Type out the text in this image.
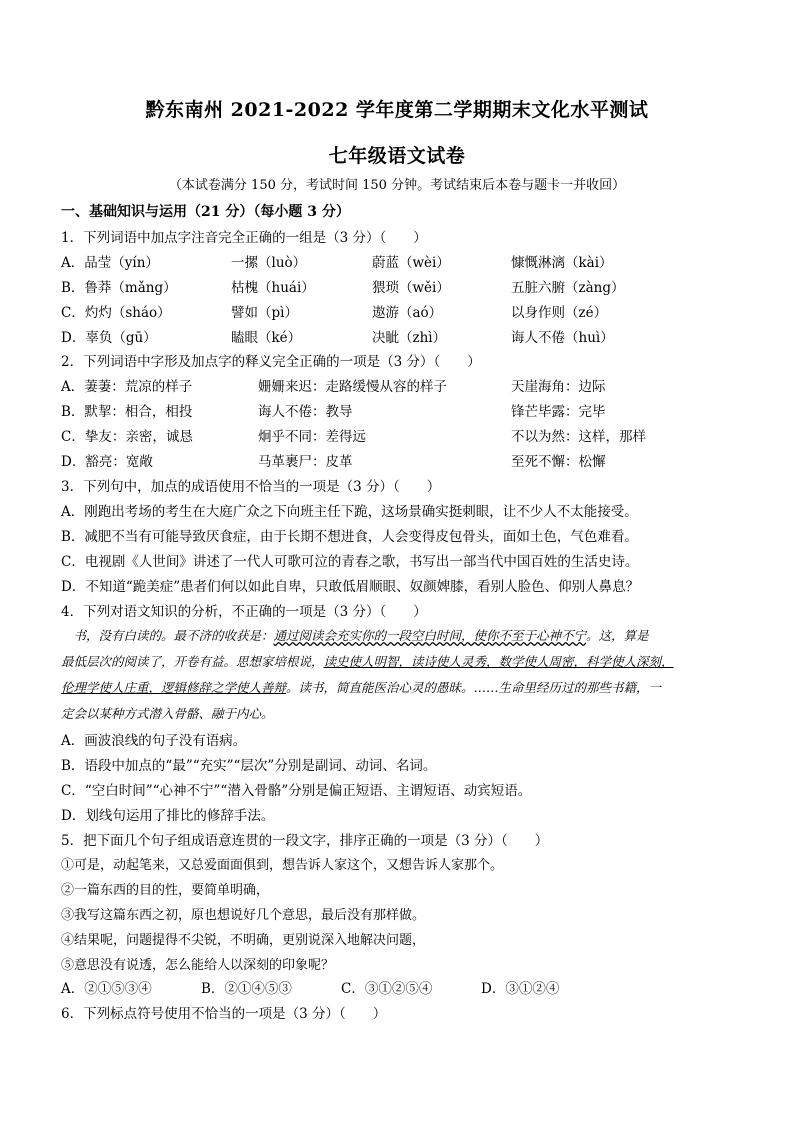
黔东南州 2021-2022 学年度第二学期期末文化水平测试
七年级语文试卷
（本试卷满分 150 分，考试时间 150 分钟。考试结束后本卷与题卡一并收回）
一、基础知识与运用（21 分）（每小题 3 分）
1．下列词语中加点字注音完全正确的一组是（3 分）（　　）
A．品莹（yín）	一摞（luò）	蔚蓝（wèi）	慷慨淋漓（kài）
B．鲁莽（mǎng）	枯槐（huái）	猥琐（wěi）	五脏六腑（zàng）
C．灼灼（sháo）	譬如（pì）	遨游（aó）	以身作则（zé）
D．辜负（gū）	瞌眼（ké）	决眦（zhì）	诲人不倦（huì）
2．下列词语中字形及加点字的释义完全正确的一项是（3 分）（　　）
A．萋萋：荒凉的样子	姗姗来迟：走路缓慢从容的样子	天崖海角：边际
B．默挈：相合，相投	诲人不倦：教导	锋芒毕露：完毕
C．挚友：亲密，诚恳	炯乎不同：差得远	不以为然：这样，那样
D．豁亮：宽敞	马革裹尸：皮革	至死不懈：松懈
3．下列句中，加点的成语使用不恰当的一项是（3 分）（　　）
A．刚跑出考场的考生在大庭广众之下向班主任下跪，这场景确实挺刺眼，让不少人不太能接受。
B．减肥不当有可能导致厌食症，由于长期不想进食，人会变得皮包骨头，面如土色，气色难看。
C．电视剧《人世间》讲述了一代人可歌可泣的青春之歌，书写出一部当代中国百姓的生活史诗。
D．不知道“跪美症”患者们何以如此自卑，只敢低眉顺眼、奴颜婢膝，看别人脸色、仰别人鼻息？
4．下列对语文知识的分析，不正确的一项是（3 分）（　　）
　书，没有白读的。最不济的收获是：通过阅读会充实你的一段空白时间，使你不至于心神不宁。这，算是
最低层次的阅读了，开卷有益。思想家培根说，读史使人明智，读诗使人灵秀，数学使人周密，科学使人深刻，
伦理学使人庄重，逻辑修辞之学使人善辩。读书，简直能医治心灵的愚昧。……生命里经历过的那些书籍，一
定会以某种方式潜入骨骼、融于内心。
A．画波浪线的句子没有语病。
B．语段中加点的“最”“充实”“层次”分别是副词、动词、名词。
C．“空白时间”“心神不宁”“潜入骨骼”分别是偏正短语、主谓短语、动宾短语。
D．划线句运用了排比的修辞手法。
5．把下面几个句子组成语意连贯的一段文字，排序正确的一项是（3 分）（　　）
①可是，动起笔来，又总爱面面俱到，想告诉人家这个，又想告诉人家那个。
②一篇东西的目的性，要简单明确，
③我写这篇东西之初，原也想说好几个意思，最后没有那样做。
④结果呢，问题提得不尖锐，不明确，更别说深入地解决问题，
⑤意思没有说透，怎么能给人以深刻的印象呢？
A．②①⑤③④	B．②①④⑤③	C．③①②⑤④	D．③①②④
6．下列标点符号使用不恰当的一项是（3 分）（　　）
